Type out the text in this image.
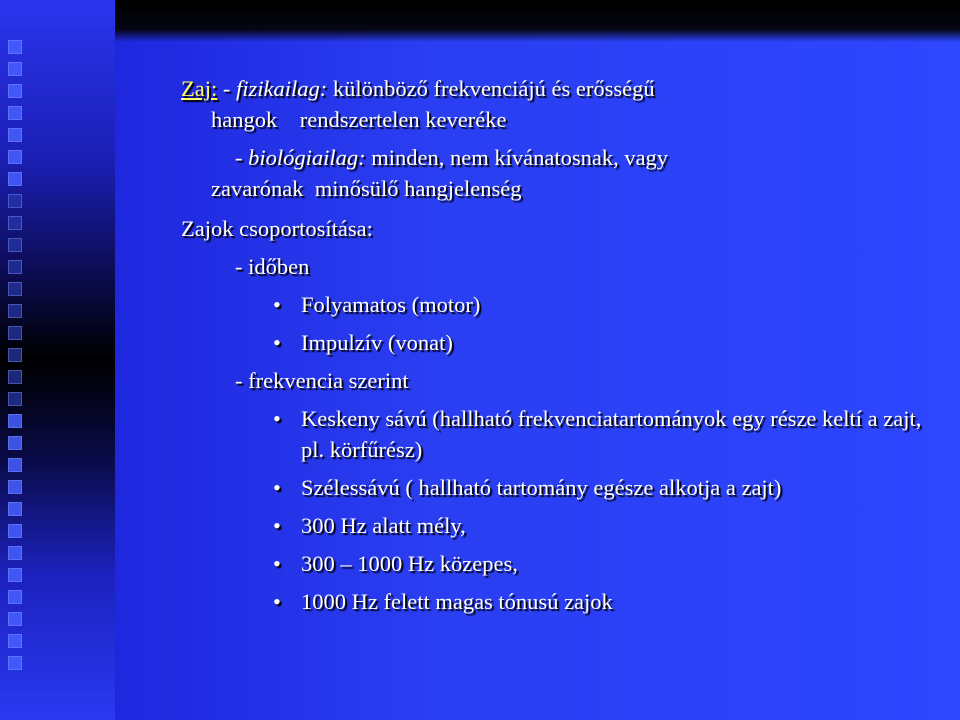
Zaj: - fizikailag: különböző frekvenciájú és erősségű
hangok    rendszertelen keveréke
- biológiailag: minden, nem kívánatosnak, vagy
zavarónak  minősülő hangjelenség
Zajok csoportosítása:
- időben
• Folyamatos (motor)
• Impulzív (vonat)
- frekvencia szerint
• Keskeny sávú (hallható frekvenciatartományok egy része keltí a zajt, pl. körfűrész)
• Szélessávú ( hallható tartomány egésze alkotja a zajt)
• 300 Hz alatt mély,
• 300 – 1000 Hz közepes,
• 1000 Hz felett magas tónusú zajok
